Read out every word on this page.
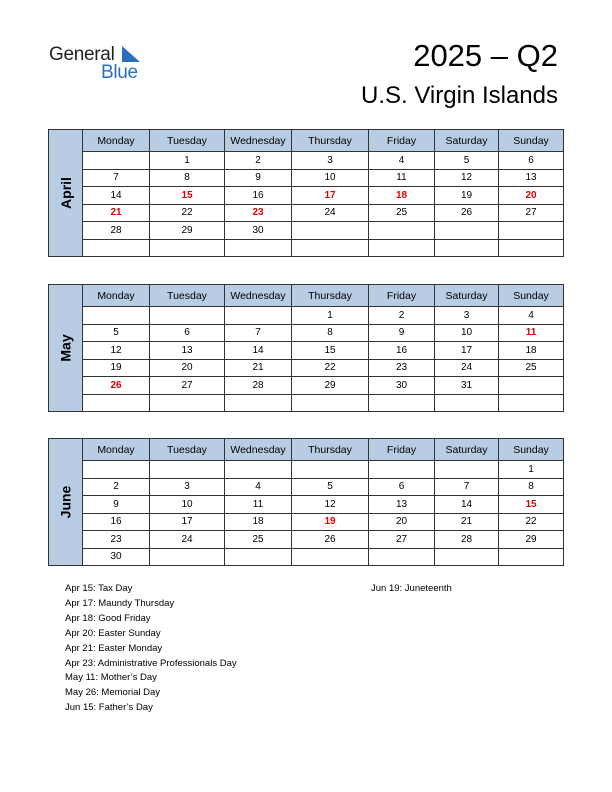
General
Blue	2025 – Q2
U.S. Virgin Islands
April	Monday	Tuesday	Wednesday	Thursday	Friday	Saturday	Sunday

		1	2	3	4	5	6

	7	8	9	10	11	12	13

	14	15	16	17	18	19	20

	21	22	23	24	25	26	27

	28	29	30				

May	Monday	Tuesday	Wednesday	Thursday	Friday	Saturday	Sunday

				1	2	3	4

	5	6	7	8	9	10	11

	12	13	14	15	16	17	18

	19	20	21	22	23	24	25

	26	27	28	29	30	31	

June	Monday	Tuesday	Wednesday	Thursday	Friday	Saturday	Sunday

							1

	2	3	4	5	6	7	8

	9	10	11	12	13	14	15

	16	17	18	19	20	21	22

	23	24	25	26	27	28	29

	30						

Apr 15: Tax Day
Apr 17: Maundy Thursday
Apr 18: Good Friday
Apr 20: Easter Sunday
Apr 21: Easter Monday
Apr 23: Administrative Professionals Day
May 11: Mother’s Day
May 26: Memorial Day
Jun 15: Father’s Day
Jun 19: Juneteenth
